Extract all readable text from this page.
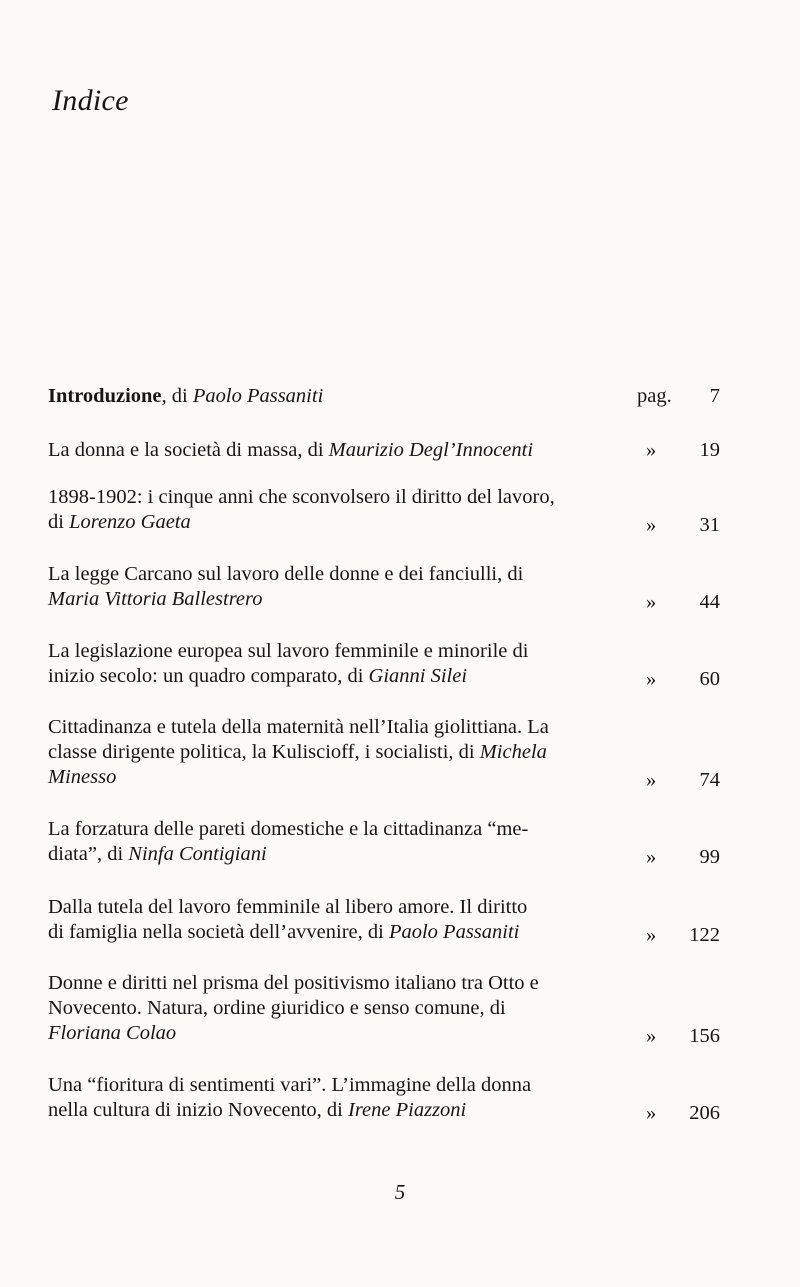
Indice
Introduzione, di Paolo Passaniti	pag.	7
La donna e la società di massa, di Maurizio Degl’Innocenti	»	19
1898-1902: i cinque anni che sconvolsero il diritto del lavoro,
di Lorenzo Gaeta	»	31
La legge Carcano sul lavoro delle donne e dei fanciulli, di
Maria Vittoria Ballestrero	»	44
La legislazione europea sul lavoro femminile e minorile di
inizio secolo: un quadro comparato, di Gianni Silei	»	60
Cittadinanza e tutela della maternità nell’Italia giolittiana. La
classe dirigente politica, la Kuliscioff, i socialisti, di Michela
Minesso	»	74
La forzatura delle pareti domestiche e la cittadinanza “me-
diata”, di Ninfa Contigiani	»	99
Dalla tutela del lavoro femminile al libero amore. Il diritto
di famiglia nella società dell’avvenire, di Paolo Passaniti	»	122
Donne e diritti nel prisma del positivismo italiano tra Otto e
Novecento. Natura, ordine giuridico e senso comune, di
Floriana Colao	»	156
Una “fioritura di sentimenti vari”. L’immagine della donna
nella cultura di inizio Novecento, di Irene Piazzoni	»	206
5
